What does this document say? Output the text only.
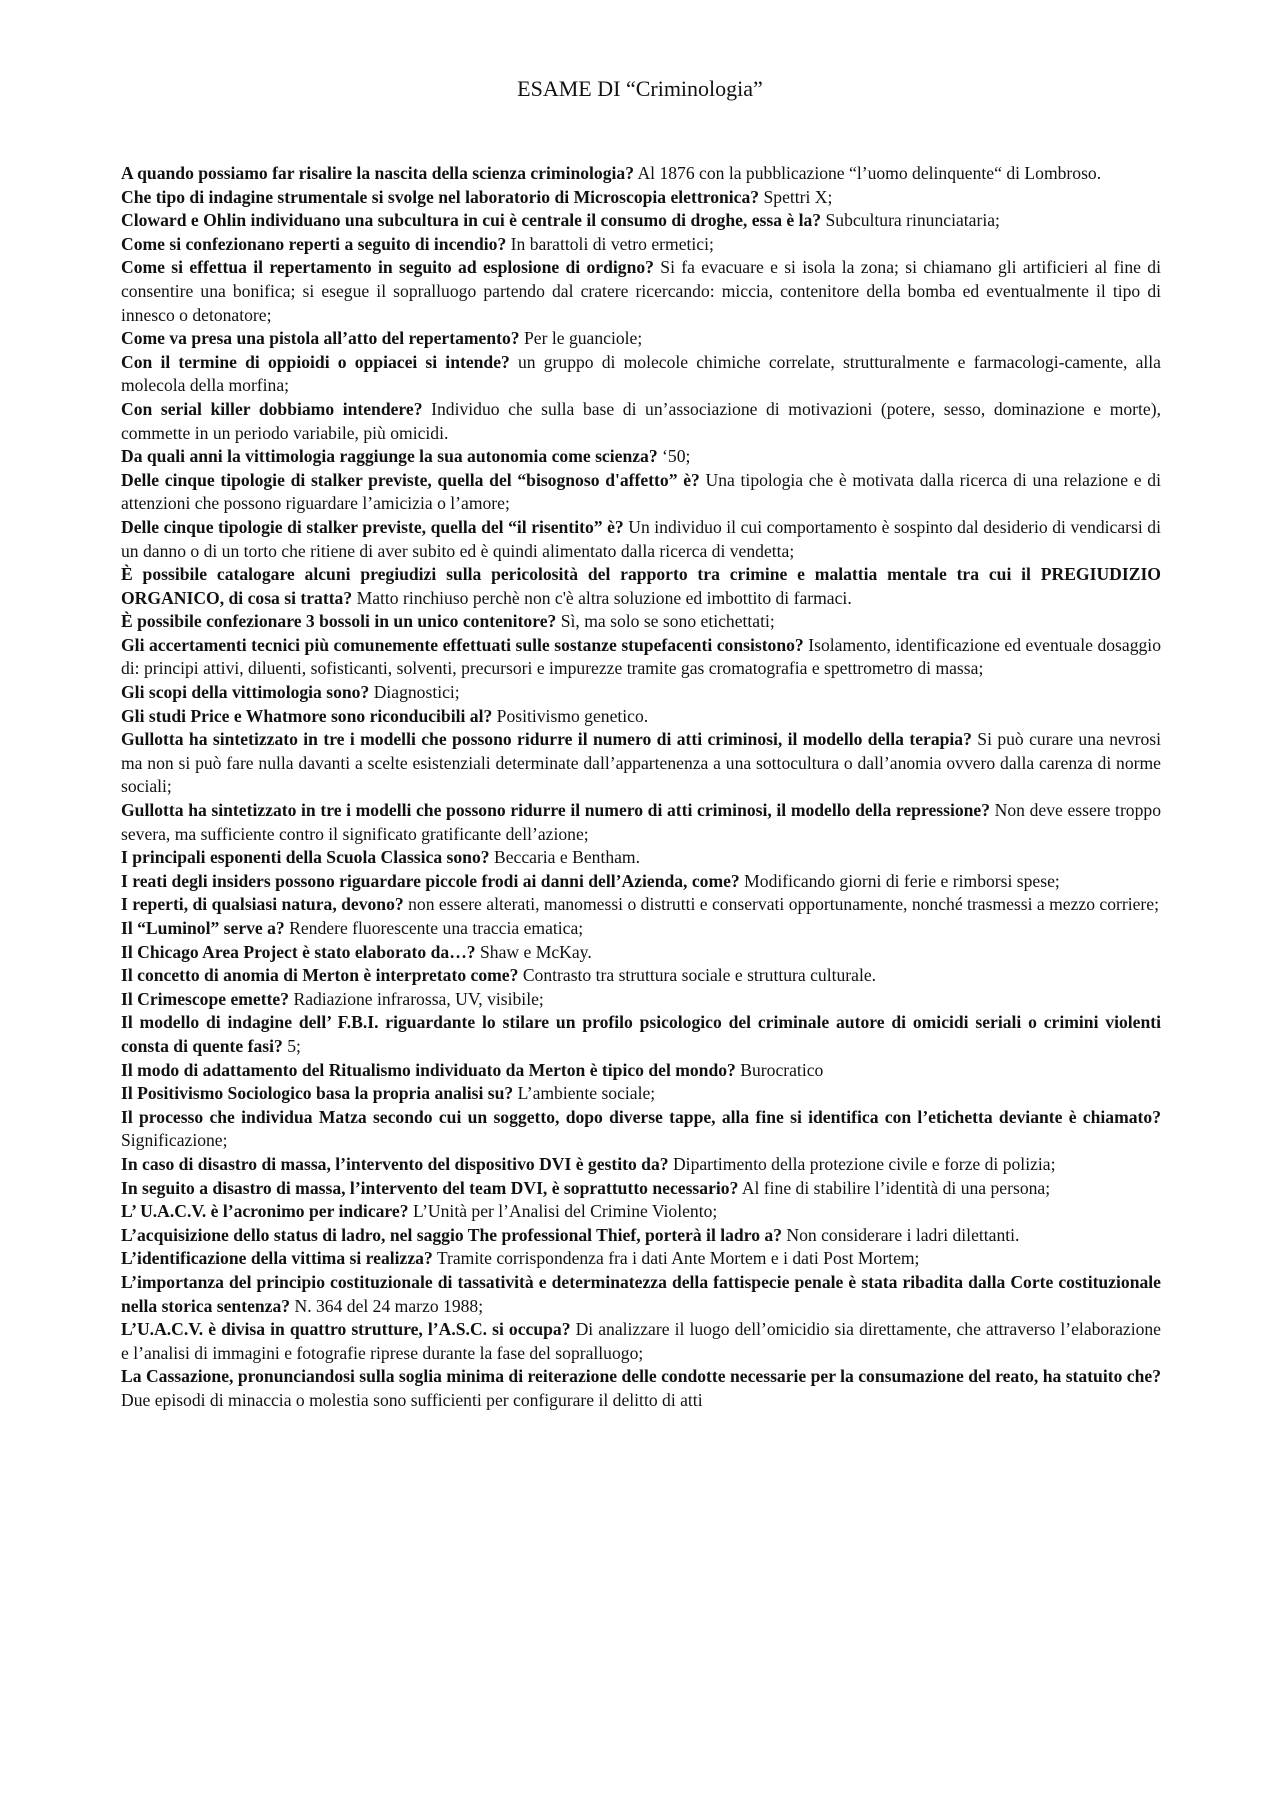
ESAME DI “Criminologia”

A quando possiamo far risalire la nascita della scienza criminologia? Al 1876 con la pubblicazione “l’uomo delinquente“ di Lombroso.

Che tipo di indagine strumentale si svolge nel laboratorio di Microscopia elettronica? Spettri X;

Cloward e Ohlin individuano una subcultura in cui è centrale il consumo di droghe, essa è la? Subcultura rinunciataria;

Come si confezionano reperti a seguito di incendio? In barattoli di vetro ermetici;

Come si effettua il repertamento in seguito ad esplosione di ordigno? Si fa evacuare e si isola la zona; si chiamano gli artificieri al fine di consentire una bonifica; si esegue il sopralluogo partendo dal cratere ricercando: miccia, contenitore della bomba ed eventualmente il tipo di innesco o detonatore;

Come va presa una pistola all’atto del repertamento? Per le guanciole;

Con il termine di oppioidi o oppiacei si intende? un gruppo di molecole chimiche correlate, strutturalmente e farmacologi-camente, alla molecola della morfina;

Con serial killer dobbiamo intendere? Individuo che sulla base di un’associazione di motivazioni (potere, sesso, dominazione e morte), commette in un periodo variabile, più omicidi.

Da quali anni la vittimologia raggiunge la sua autonomia come scienza? ‘50;

Delle cinque tipologie di stalker previste, quella del “bisognoso d'affetto” è? Una tipologia che è motivata dalla ricerca di una relazione e di attenzioni che possono riguardare l’amicizia o l’amore;

Delle cinque tipologie di stalker previste, quella del “il risentito” è? Un individuo il cui comportamento è sospinto dal desiderio di vendicarsi di un danno o di un torto che ritiene di aver subito ed è quindi alimentato dalla ricerca di vendetta;

È possibile catalogare alcuni pregiudizi sulla pericolosità del rapporto tra crimine e malattia mentale tra cui il PREGIUDIZIO ORGANICO, di cosa si tratta? Matto rinchiuso perchè non c'è altra soluzione ed imbottito di farmaci.

È possibile confezionare 3 bossoli in un unico contenitore? Sì, ma solo se sono etichettati;

Gli accertamenti tecnici più comunemente effettuati sulle sostanze stupefacenti consistono? Isolamento, identificazione ed eventuale dosaggio di: principi attivi, diluenti, sofisticanti, solventi, precursori e impurezze tramite gas cromatografia e spettrometro di massa;

Gli scopi della vittimologia sono? Diagnostici;

Gli studi Price e Whatmore sono riconducibili al? Positivismo genetico.

Gullotta ha sintetizzato in tre i modelli che possono ridurre il numero di atti criminosi, il modello della terapia? Si può curare una nevrosi ma non si può fare nulla davanti a scelte esistenziali determinate dall’appartenenza a una sottocultura o dall’anomia ovvero dalla carenza di norme sociali;

Gullotta ha sintetizzato in tre i modelli che possono ridurre il numero di atti criminosi, il modello della repressione? Non deve essere troppo severa, ma sufficiente contro il significato gratificante dell’azione;

I principali esponenti della Scuola Classica sono? Beccaria e Bentham.

I reati degli insiders possono riguardare piccole frodi ai danni dell’Azienda, come? Modificando giorni di ferie e rimborsi spese;

I reperti, di qualsiasi natura, devono? non essere alterati, manomessi o distrutti e conservati opportunamente, nonché trasmessi a mezzo corriere;

Il “Luminol” serve a? Rendere fluorescente una traccia ematica;

Il Chicago Area Project è stato elaborato da…? Shaw e McKay.

Il concetto di anomia di Merton è interpretato come? Contrasto tra struttura sociale e struttura culturale.

Il Crimescope emette? Radiazione infrarossa, UV, visibile;

Il modello di indagine dell’ F.B.I. riguardante lo stilare un profilo psicologico del criminale autore di omicidi seriali o crimini violenti consta di quente fasi? 5;

Il modo di adattamento del Ritualismo individuato da Merton è tipico del mondo? Burocratico

Il Positivismo Sociologico basa la propria analisi su? L’ambiente sociale;

Il processo che individua Matza secondo cui un soggetto, dopo diverse tappe, alla fine si identifica con l’etichetta deviante è chiamato? Significazione;

In caso di disastro di massa, l’intervento del dispositivo DVI è gestito da? Dipartimento della protezione civile e forze di polizia;

In seguito a disastro di massa, l’intervento del team DVI, è soprattutto necessario? Al fine di stabilire l’identità di una persona;

L’ U.A.C.V. è l’acronimo per indicare? L’Unità per l’Analisi del Crimine Violento;

L’acquisizione dello status di ladro, nel saggio The professional Thief, porterà il ladro a? Non considerare i ladri dilettanti.

L’identificazione della vittima si realizza? Tramite corrispondenza fra i dati Ante Mortem e i dati Post Mortem;

L’importanza del principio costituzionale di tassatività e determinatezza della fattispecie penale è stata ribadita dalla Corte costituzionale nella storica sentenza? N. 364 del 24 marzo 1988;

L’U.A.C.V. è divisa in quattro strutture, l’A.S.C. si occupa? Di analizzare il luogo dell’omicidio sia direttamente, che attraverso l’elaborazione e l’analisi di immagini e fotografie riprese durante la fase del sopralluogo;

La Cassazione, pronunciandosi sulla soglia minima di reiterazione delle condotte necessarie per la consumazione del reato, ha statuito che? Due episodi di minaccia o molestia sono sufficienti per configurare il delitto di atti
